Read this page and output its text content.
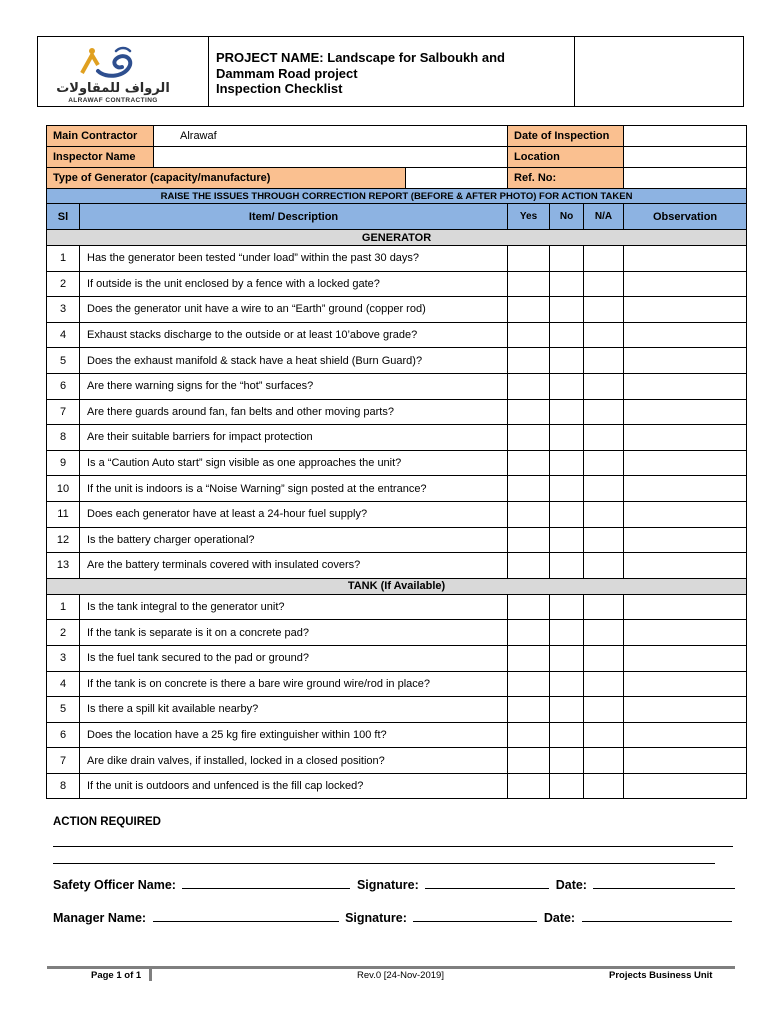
الرواف للمقاولات
ALRAWAF CONTRACTING
PROJECT NAME: Landscape for Salboukh and
Dammam Road project
Inspection Checklist
Main Contractor		Alrawaf		Date of Inspection			
Inspector Name				Location			
Type of Generator (capacity/manufacture)				Ref. No:			
RAISE THE ISSUES THROUGH CORRECTION REPORT (BEFORE & AFTER PHOTO) FOR ACTION TAKEN							
Sl	Item/ Description			Yes	No	N/A	Observation
GENERATOR							
1	Has the generator been tested “under load” within the past 30 days?						
2	If outside is the unit enclosed by a fence with a locked gate?						
3	Does the generator unit have a wire to an “Earth” ground (copper rod)						
4	Exhaust stacks discharge to the outside or at least 10’above grade?						
5	Does the exhaust manifold & stack have a heat shield (Burn Guard)?						
6	Are there warning signs for the “hot” surfaces?						
7	Are there guards around fan, fan belts and other moving parts?						
8	Are their suitable barriers for impact protection						
9	Is a “Caution Auto start” sign visible as one approaches the unit?						
10	If the unit is indoors is a “Noise Warning” sign posted at the entrance?						
11	Does each generator have at least a 24-hour fuel supply?						
12	Is the battery charger operational?						
13	Are the battery terminals covered with insulated covers?						
TANK (If Available)							
1	Is the tank integral to the generator unit?						
2	If the tank is separate is it on a concrete pad?						
3	Is the fuel tank secured to the pad or ground?						
4	If the tank is on concrete is there a bare wire ground wire/rod in place?						
5	Is there a spill kit available nearby?						
6	Does the location have a 25 kg fire extinguisher within 100 ft?						
7	Are dike drain valves, if installed, locked in a closed position?						
8	If the unit is outdoors and unfenced is the fill cap locked?						
ACTION REQUIRED
Safety Officer Name:	Signature:	Date:
Manager Name:	Signature:	Date:
Page 1 of 1	Rev.0 [24-Nov-2019]	Projects Business Unit
